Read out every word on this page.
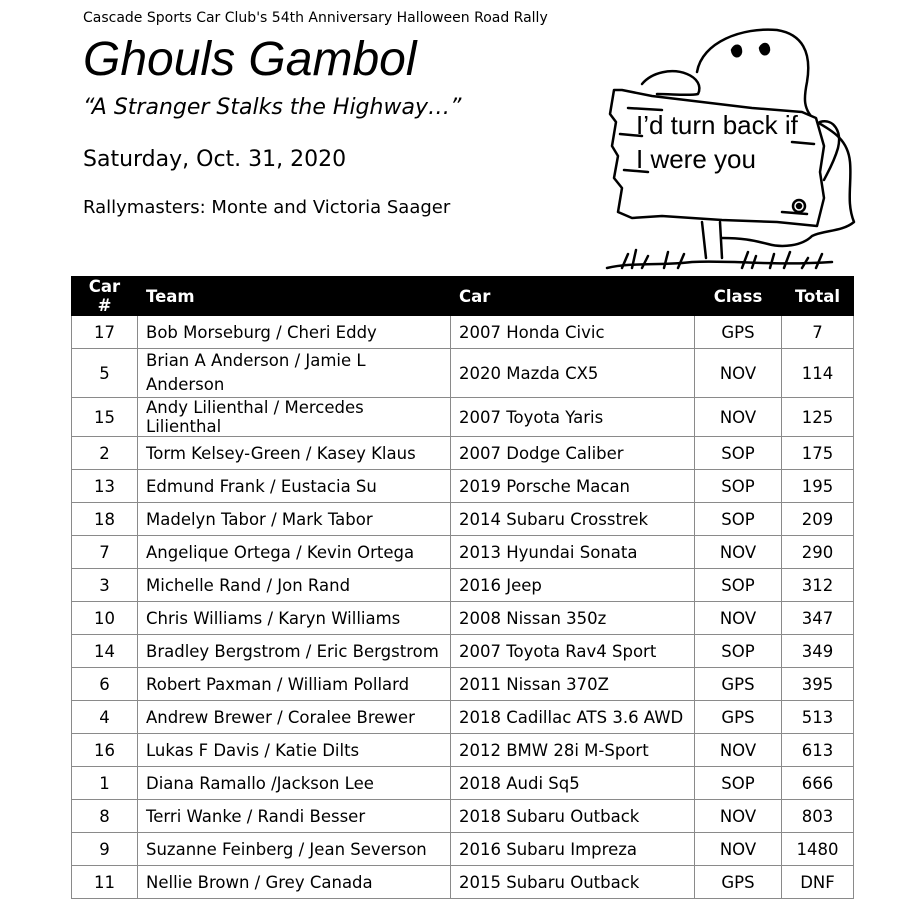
Cascade Sports Car Club's 54th Anniversary Halloween Road Rally
Ghouls Gambol
“A Stranger Stalks the Highway…”
Saturday, Oct. 31, 2020
Rallymasters: Monte and Victoria Saager
I’d turn back if
I were you
Car #	Team	Car	Class	Total
17	Bob Morseburg / Cheri Eddy	2007 Honda Civic	GPS	7
5	Brian A Anderson / Jamie L Anderson	2020 Mazda CX5	NOV	114
15	Andy Lilienthal / Mercedes Lilienthal	2007 Toyota Yaris	NOV	125
2	Torm Kelsey-Green / Kasey Klaus	2007 Dodge Caliber	SOP	175
13	Edmund Frank / Eustacia Su	2019 Porsche Macan	SOP	195
18	Madelyn Tabor / Mark Tabor	2014 Subaru Crosstrek	SOP	209
7	Angelique Ortega / Kevin Ortega	2013 Hyundai Sonata	NOV	290
3	Michelle Rand / Jon Rand	2016 Jeep	SOP	312
10	Chris Williams / Karyn Williams	2008 Nissan 350z	NOV	347
14	Bradley Bergstrom / Eric Bergstrom	2007 Toyota Rav4 Sport	SOP	349
6	Robert Paxman / William Pollard	2011 Nissan 370Z	GPS	395
4	Andrew Brewer / Coralee Brewer	2018 Cadillac ATS 3.6 AWD	GPS	513
16	Lukas F Davis / Katie Dilts	2012 BMW 28i M-Sport	NOV	613
1	Diana Ramallo /Jackson Lee	2018 Audi Sq5	SOP	666
8	Terri Wanke / Randi Besser	2018 Subaru Outback	NOV	803
9	Suzanne Feinberg / Jean Severson	2016 Subaru Impreza	NOV	1480
11	Nellie Brown / Grey Canada	2015 Subaru Outback	GPS	DNF
